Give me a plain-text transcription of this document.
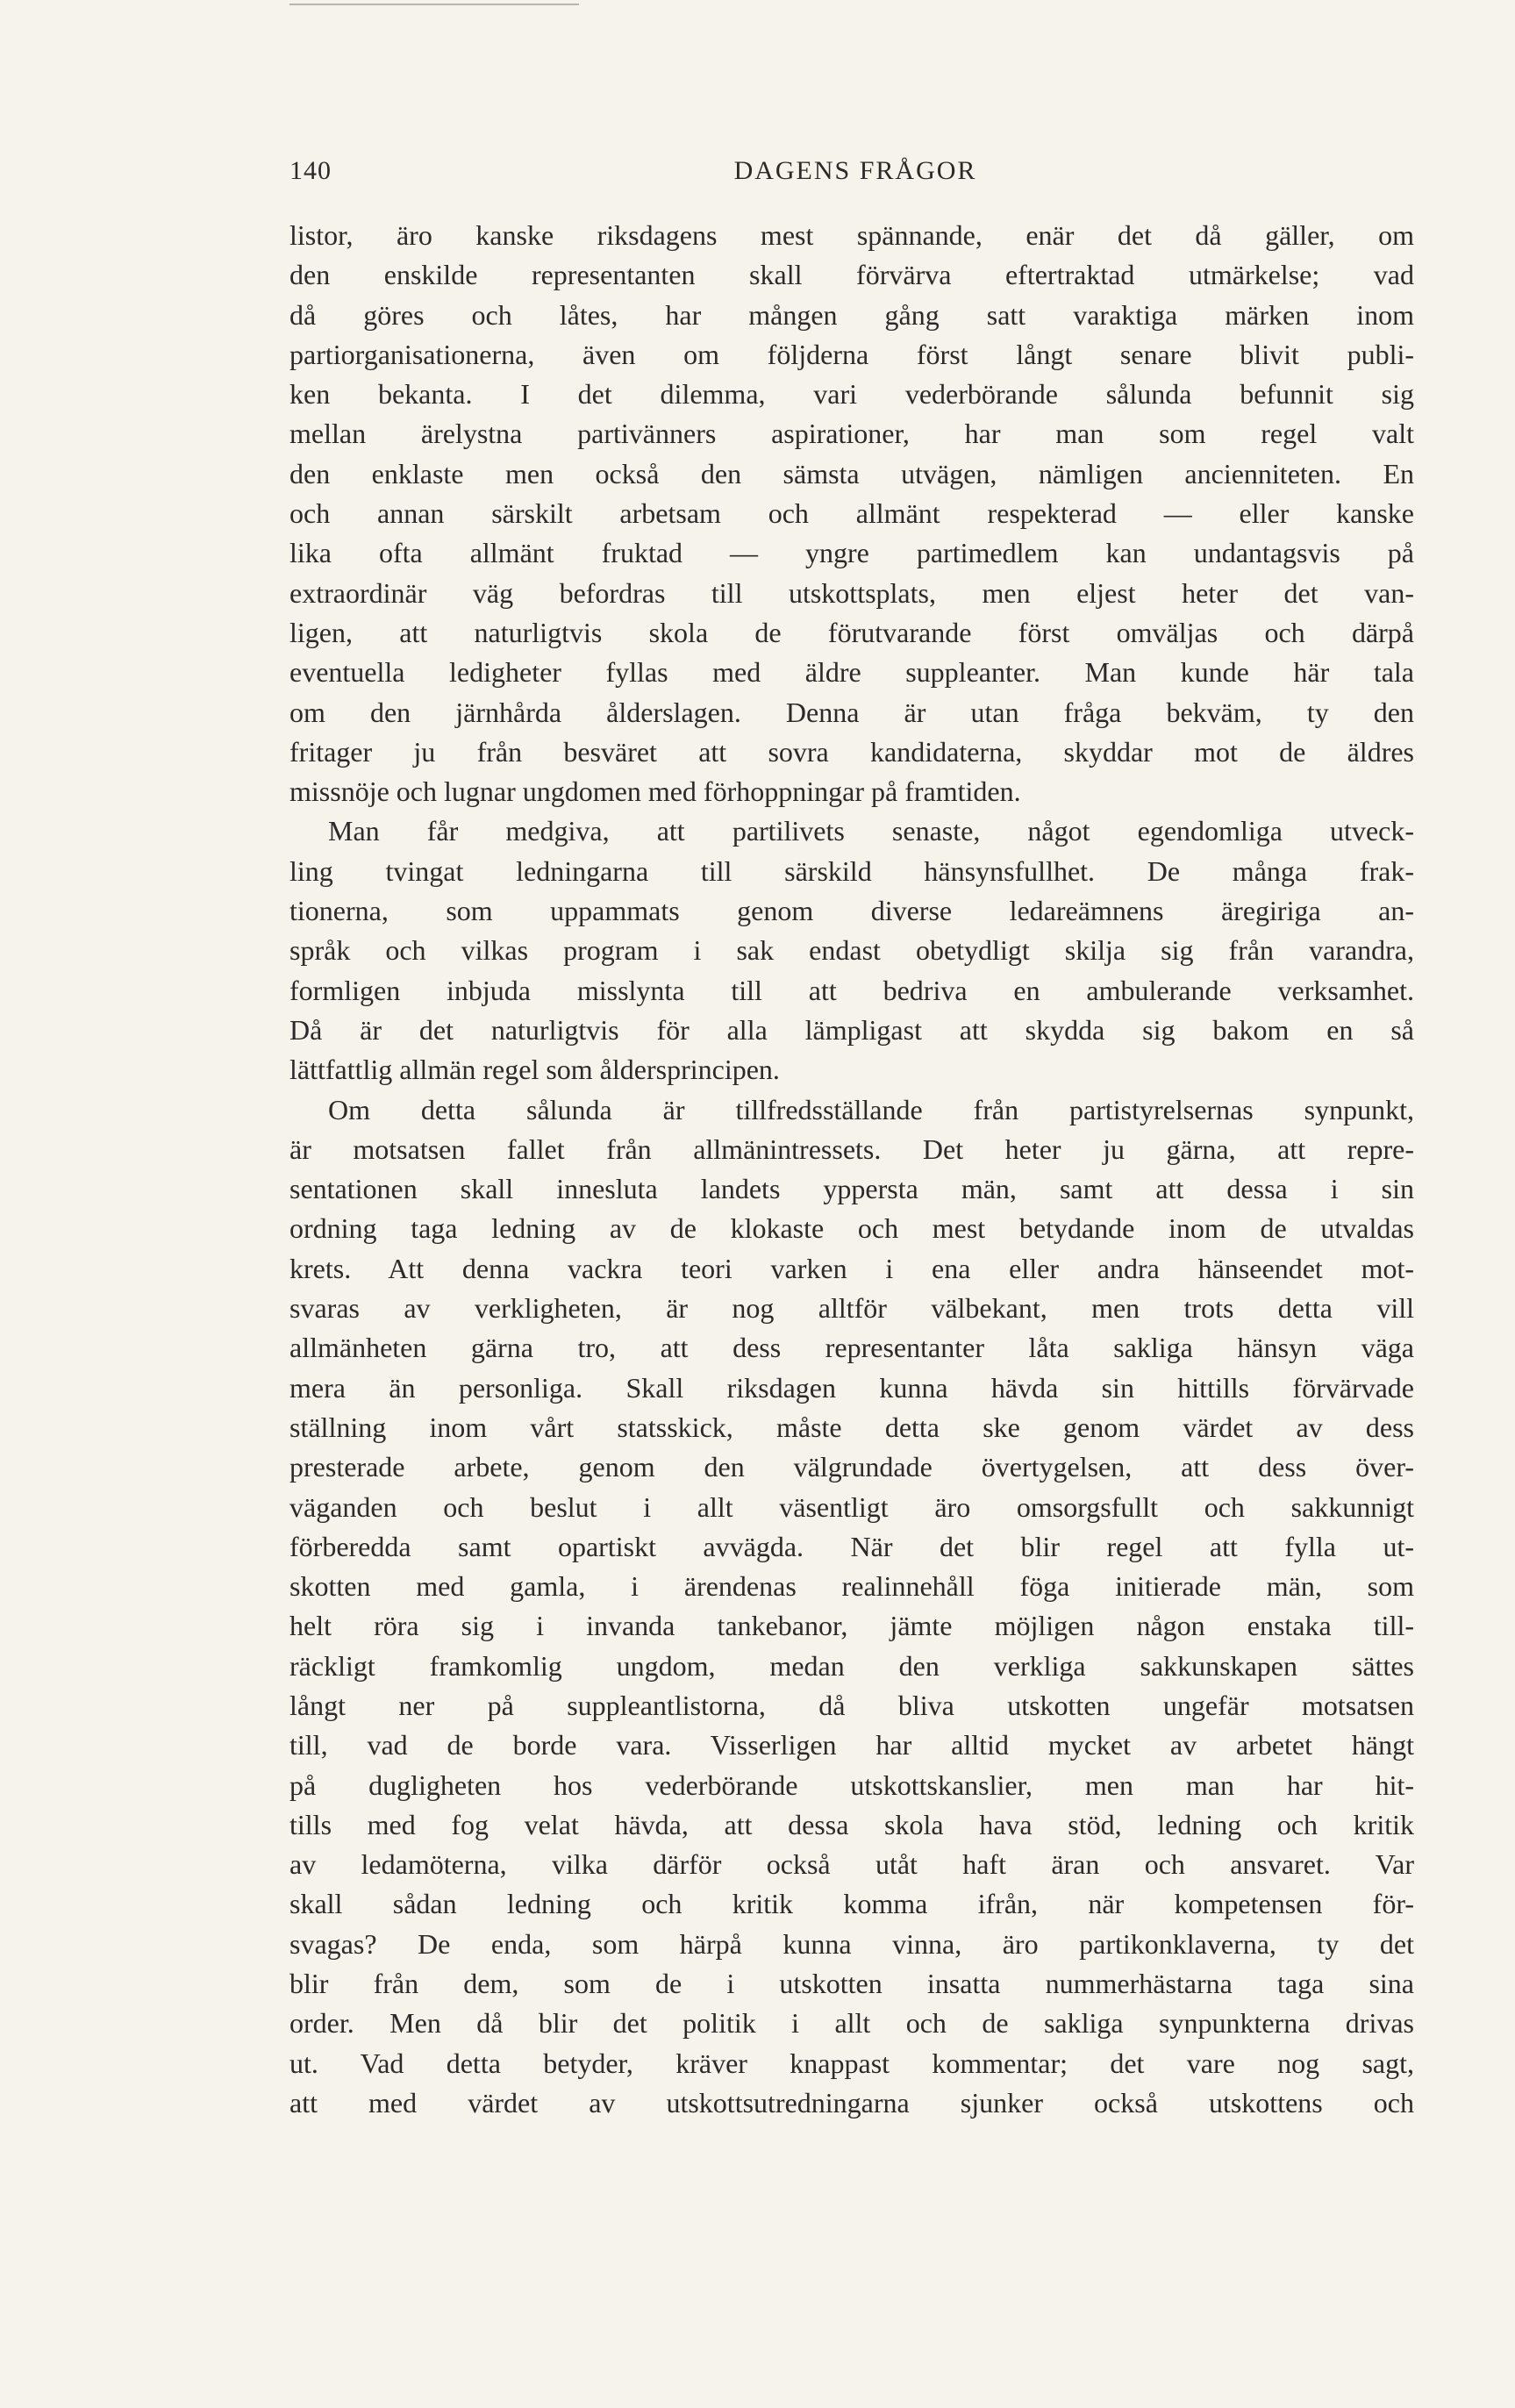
140	DAGENS FRÅGOR
listor, äro kanske riksdagens mest spännande, enär det då gäller, om
den enskilde representanten skall förvärva eftertraktad utmärkelse; vad
då göres och låtes, har mången gång satt varaktiga märken inom
partiorganisationerna, även om följderna först långt senare blivit publi-
ken bekanta. I det dilemma, vari vederbörande sålunda befunnit sig
mellan ärelystna partivänners aspirationer, har man som regel valt
den enklaste men också den sämsta utvägen, nämligen ancienniteten. En
och annan särskilt arbetsam och allmänt respekterad — eller kanske
lika ofta allmänt fruktad — yngre partimedlem kan undantagsvis på
extraordinär väg befordras till utskottsplats, men eljest heter det van-
ligen, att naturligtvis skola de förutvarande först omväljas och därpå
eventuella ledigheter fyllas med äldre suppleanter. Man kunde här tala
om den järnhårda ålderslagen. Denna är utan fråga bekväm, ty den
fritager ju från besväret att sovra kandidaterna, skyddar mot de äldres
missnöje och lugnar ungdomen med förhoppningar på framtiden.
Man får medgiva, att partilivets senaste, något egendomliga utveck-
ling tvingat ledningarna till särskild hänsynsfullhet. De många frak-
tionerna, som uppammats genom diverse ledareämnens äregiriga an-
språk och vilkas program i sak endast obetydligt skilja sig från varandra,
formligen inbjuda misslynta till att bedriva en ambulerande verksamhet.
Då är det naturligtvis för alla lämpligast att skydda sig bakom en så
lättfattlig allmän regel som åldersprincipen.
Om detta sålunda är tillfredsställande från partistyrelsernas synpunkt,
är motsatsen fallet från allmänintressets. Det heter ju gärna, att repre-
sentationen skall innesluta landets yppersta män, samt att dessa i sin
ordning taga ledning av de klokaste och mest betydande inom de utvaldas
krets. Att denna vackra teori varken i ena eller andra hänseendet mot-
svaras av verkligheten, är nog alltför välbekant, men trots detta vill
allmänheten gärna tro, att dess representanter låta sakliga hänsyn väga
mera än personliga. Skall riksdagen kunna hävda sin hittills förvärvade
ställning inom vårt statsskick, måste detta ske genom värdet av dess
presterade arbete, genom den välgrundade övertygelsen, att dess över-
väganden och beslut i allt väsentligt äro omsorgsfullt och sakkunnigt
förberedda samt opartiskt avvägda. När det blir regel att fylla ut-
skotten med gamla, i ärendenas realinnehåll föga initierade män, som
helt röra sig i invanda tankebanor, jämte möjligen någon enstaka till-
räckligt framkomlig ungdom, medan den verkliga sakkunskapen sättes
långt ner på suppleantlistorna, då bliva utskotten ungefär motsatsen
till, vad de borde vara. Visserligen har alltid mycket av arbetet hängt
på dugligheten hos vederbörande utskottskanslier, men man har hit-
tills med fog velat hävda, att dessa skola hava stöd, ledning och kritik
av ledamöterna, vilka därför också utåt haft äran och ansvaret. Var
skall sådan ledning och kritik komma ifrån, när kompetensen för-
svagas? De enda, som härpå kunna vinna, äro partikonklaverna, ty det
blir från dem, som de i utskotten insatta nummerhästarna taga sina
order. Men då blir det politik i allt och de sakliga synpunkterna drivas
ut. Vad detta betyder, kräver knappast kommentar; det vare nog sagt,
att med värdet av utskottsutredningarna sjunker också utskottens och
